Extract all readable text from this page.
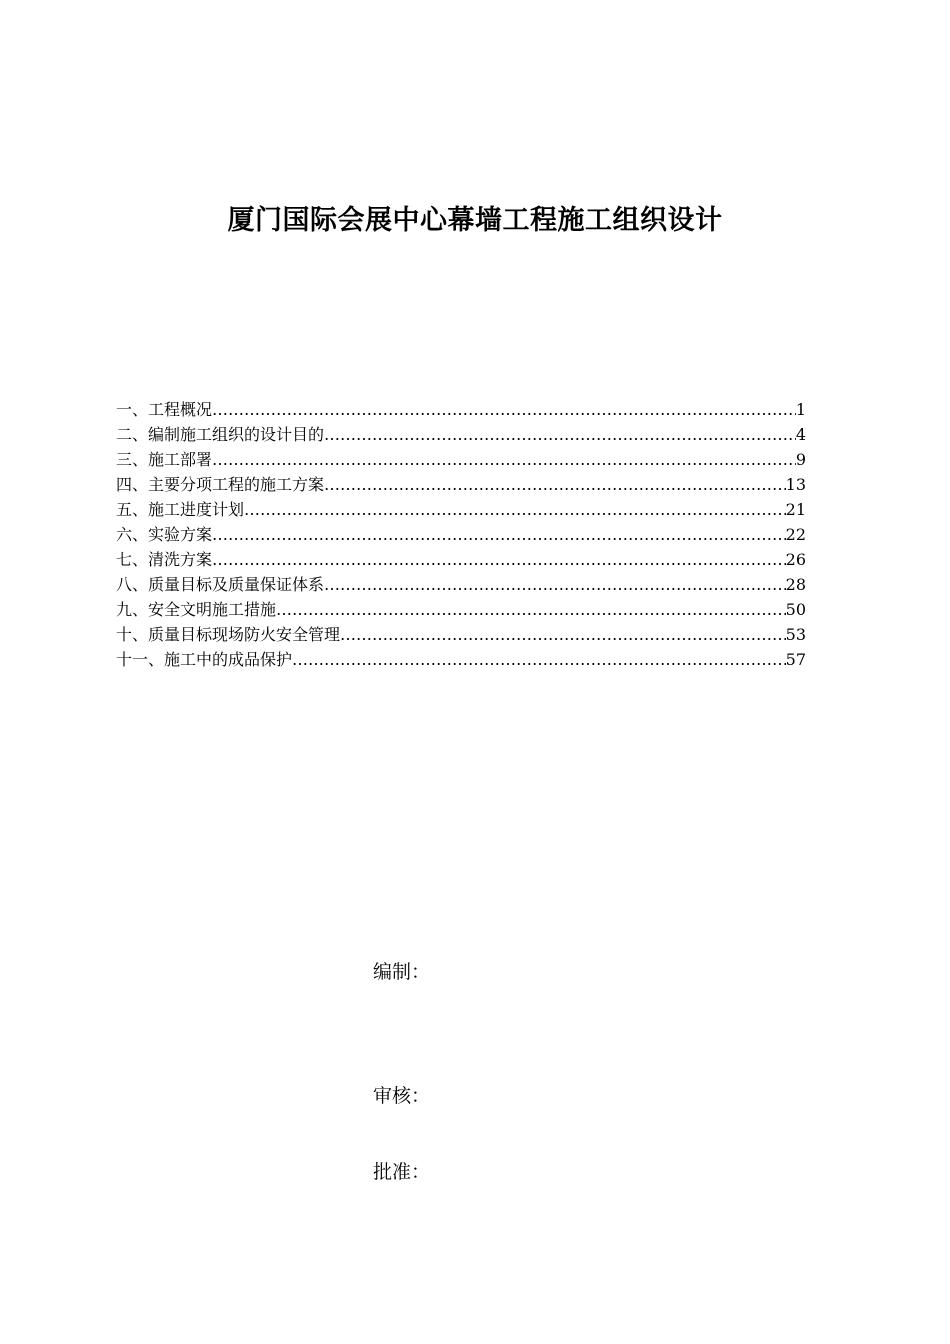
厦门国际会展中心幕墙工程施工组织设计
一、工程概况 …………………………………………………………………………………………………………………………………………………………………………	1
二、编制施工组织的设计目的 …………………………………………………………………………………………………………………………………………………………………………	4
三、施工部署 …………………………………………………………………………………………………………………………………………………………………………	9
四、主要分项工程的施工方案 …………………………………………………………………………………………………………………………………………………………………………	13
五、施工进度计划 …………………………………………………………………………………………………………………………………………………………………………	21
六、实验方案 …………………………………………………………………………………………………………………………………………………………………………	22
七、清洗方案 …………………………………………………………………………………………………………………………………………………………………………	26
八、质量目标及质量保证体系 …………………………………………………………………………………………………………………………………………………………………………	28
九、安全文明施工措施 …………………………………………………………………………………………………………………………………………………………………………	50
十、质量目标现场防火安全管理 …………………………………………………………………………………………………………………………………………………………………………	53
十一、施工中的成品保护 …………………………………………………………………………………………………………………………………………………………………………	57
编制：
审核：
批准：
